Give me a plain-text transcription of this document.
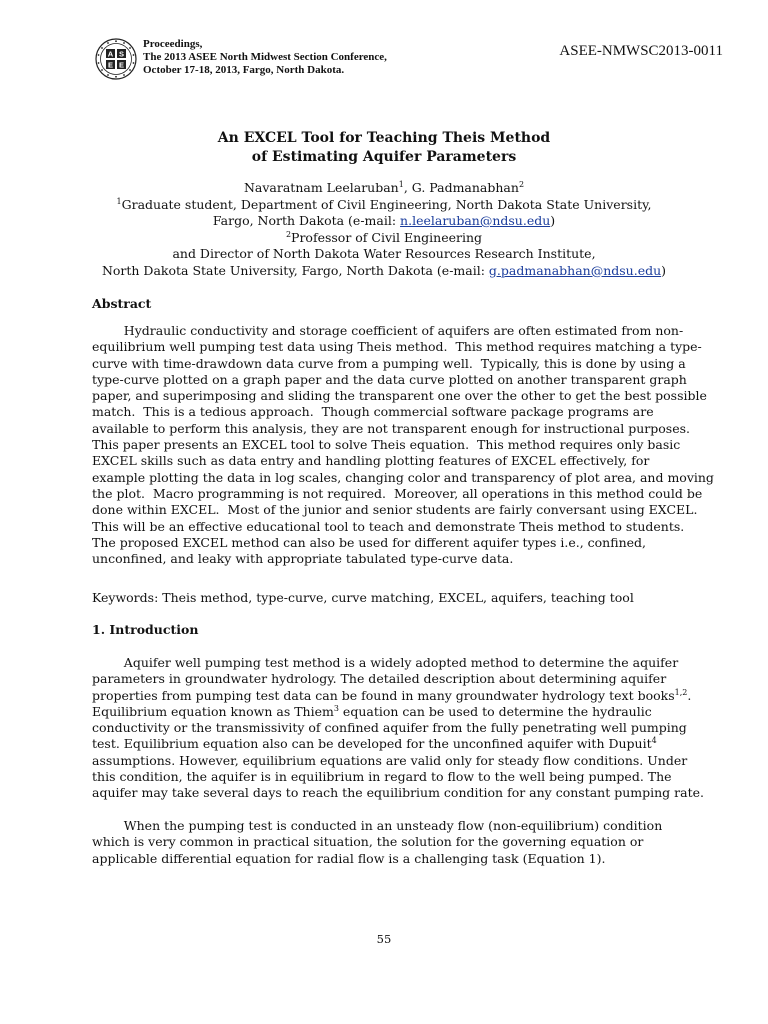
A S
E E
Proceedings,
The 2013 ASEE North Midwest Section Conference,
October 17-18, 2013, Fargo, North Dakota.
ASEE-NMWSC2013-0011
An EXCEL Tool for Teaching Theis Method
of Estimating Aquifer Parameters
Navaratnam Leelaruban$^1$, G. Padmanabhan$^2$
$^1$Graduate student, Department of Civil Engineering, North Dakota State University,
Fargo, North Dakota (e-mail: n.leelaruban@ndsu.edu)
$^2$Professor of Civil Engineering
and Director of North Dakota Water Resources Research Institute,
North Dakota State University, Fargo, North Dakota (e-mail: g.padmanabhan@ndsu.edu)
Abstract
Hydraulic conductivity and storage coefficient of aquifers are often estimated from non-
equilibrium well pumping test data using Theis method.  This method requires matching a type-
curve with time-drawdown data curve from a pumping well.  Typically, this is done by using a
type-curve plotted on a graph paper and the data curve plotted on another transparent graph
paper, and superimposing and sliding the transparent one over the other to get the best possible
match.  This is a tedious approach.  Though commercial software package programs are
available to perform this analysis, they are not transparent enough for instructional purposes.
This paper presents an EXCEL tool to solve Theis equation.  This method requires only basic
EXCEL skills such as data entry and handling plotting features of EXCEL effectively, for
example plotting the data in log scales, changing color and transparency of plot area, and moving
the plot.  Macro programming is not required.  Moreover, all operations in this method could be
done within EXCEL.  Most of the junior and senior students are fairly conversant using EXCEL.
This will be an effective educational tool to teach and demonstrate Theis method to students.
The proposed EXCEL method can also be used for different aquifer types i.e., confined,
unconfined, and leaky with appropriate tabulated type-curve data.
Keywords: Theis method, type-curve, curve matching, EXCEL, aquifers, teaching tool
1. Introduction
Aquifer well pumping test method is a widely adopted method to determine the aquifer
parameters in groundwater hydrology. The detailed description about determining aquifer
properties from pumping test data can be found in many groundwater hydrology text books$^{1,2}$.
Equilibrium equation known as Thiem$^3$ equation can be used to determine the hydraulic
conductivity or the transmissivity of confined aquifer from the fully penetrating well pumping
test. Equilibrium equation also can be developed for the unconfined aquifer with Dupuit$^4$
assumptions. However, equilibrium equations are valid only for steady flow conditions. Under
this condition, the aquifer is in equilibrium in regard to flow to the well being pumped. The
aquifer may take several days to reach the equilibrium condition for any constant pumping rate.
When the pumping test is conducted in an unsteady flow (non-equilibrium) condition
which is very common in practical situation, the solution for the governing equation or
applicable differential equation for radial flow is a challenging task (Equation 1).
55
